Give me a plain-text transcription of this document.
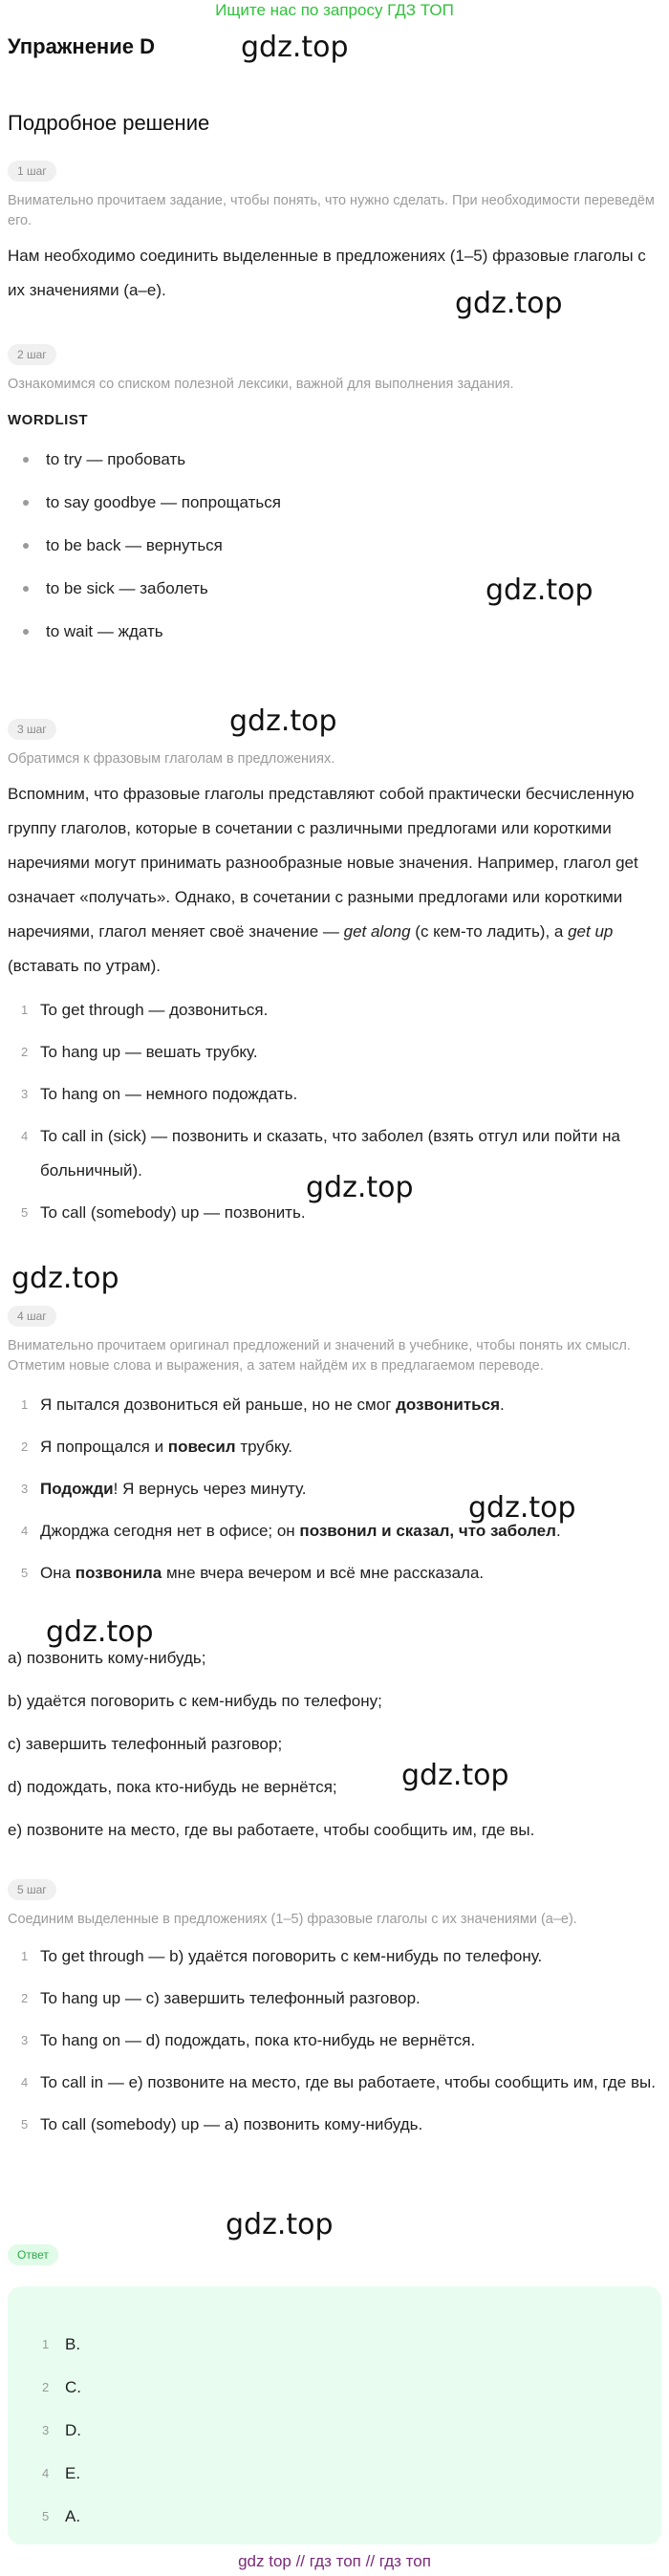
Ищите нас по запросу ГДЗ ТОП
Упражнение D
Подробное решение
gdz.top
gdz.top
gdz.top
gdz.top
gdz.top
gdz.top
gdz.top
gdz.top
gdz.top
gdz.top
1 шаг
Внимательно прочитаем задание, чтобы понять, что нужно сделать. При необходимости переведём его.
Нам необходимо соединить выделенные в предложениях (1–5) фразовые глаголы с их значениями (a–e).
2 шаг
Ознакомимся со списком полезной лексики, важной для выполнения задания.
WORDLIST
to try — пробовать
to say goodbye — попрощаться
to be back — вернуться
to be sick — заболеть
to wait — ждать
3 шаг
Обратимся к фразовым глаголам в предложениях.
Вспомним, что фразовые глаголы представляют собой практически бесчисленную группу глаголов, которые в сочетании с различными предлогами или короткими наречиями могут принимать разнообразные новые значения. Например, глагол get означает «получать». Однако, в сочетании с разными предлогами или короткими наречиями, глагол меняет своё значение — get along (с кем-то ладить), а get up (вставать по утрам).
1 To get through — дозвониться.
2 To hang up — вешать трубку.
3 To hang on — немного подождать.
4 To call in (sick) — позвонить и сказать, что заболел (взять отгул или пойти на больничный).
5 To call (somebody) up — позвонить.
4 шаг
Внимательно прочитаем оригинал предложений и значений в учебнике, чтобы понять их смысл. Отметим новые слова и выражения, а затем найдём их в предлагаемом переводе.
1 Я пытался дозвониться ей раньше, но не смог дозвониться.
2 Я попрощался и повесил трубку.
3 Подожди! Я вернусь через минуту.
4 Джорджа сегодня нет в офисе; он позвонил и сказал, что заболел.
5 Она позвонила мне вчера вечером и всё мне рассказала.
a) позвонить кому-нибудь;
b) удаётся поговорить с кем-нибудь по телефону;
c) завершить телефонный разговор;
d) подождать, пока кто-нибудь не вернётся;
e) позвоните на место, где вы работаете, чтобы сообщить им, где вы.
5 шаг
Соединим выделенные в предложениях (1–5) фразовые глаголы с их значениями (a–e).
1 To get through — b) удаётся поговорить с кем-нибудь по телефону.
2 To hang up — c) завершить телефонный разговор.
3 To hang on — d) подождать, пока кто-нибудь не вернётся.
4 To call in — e) позвоните на место, где вы работаете, чтобы сообщить им, где вы.
5 To call (somebody) up — a) позвонить кому-нибудь.
Ответ
1 B.
2 C.
3 D.
4 E.
5 A.
gdz top // гдз топ // гдз топ
